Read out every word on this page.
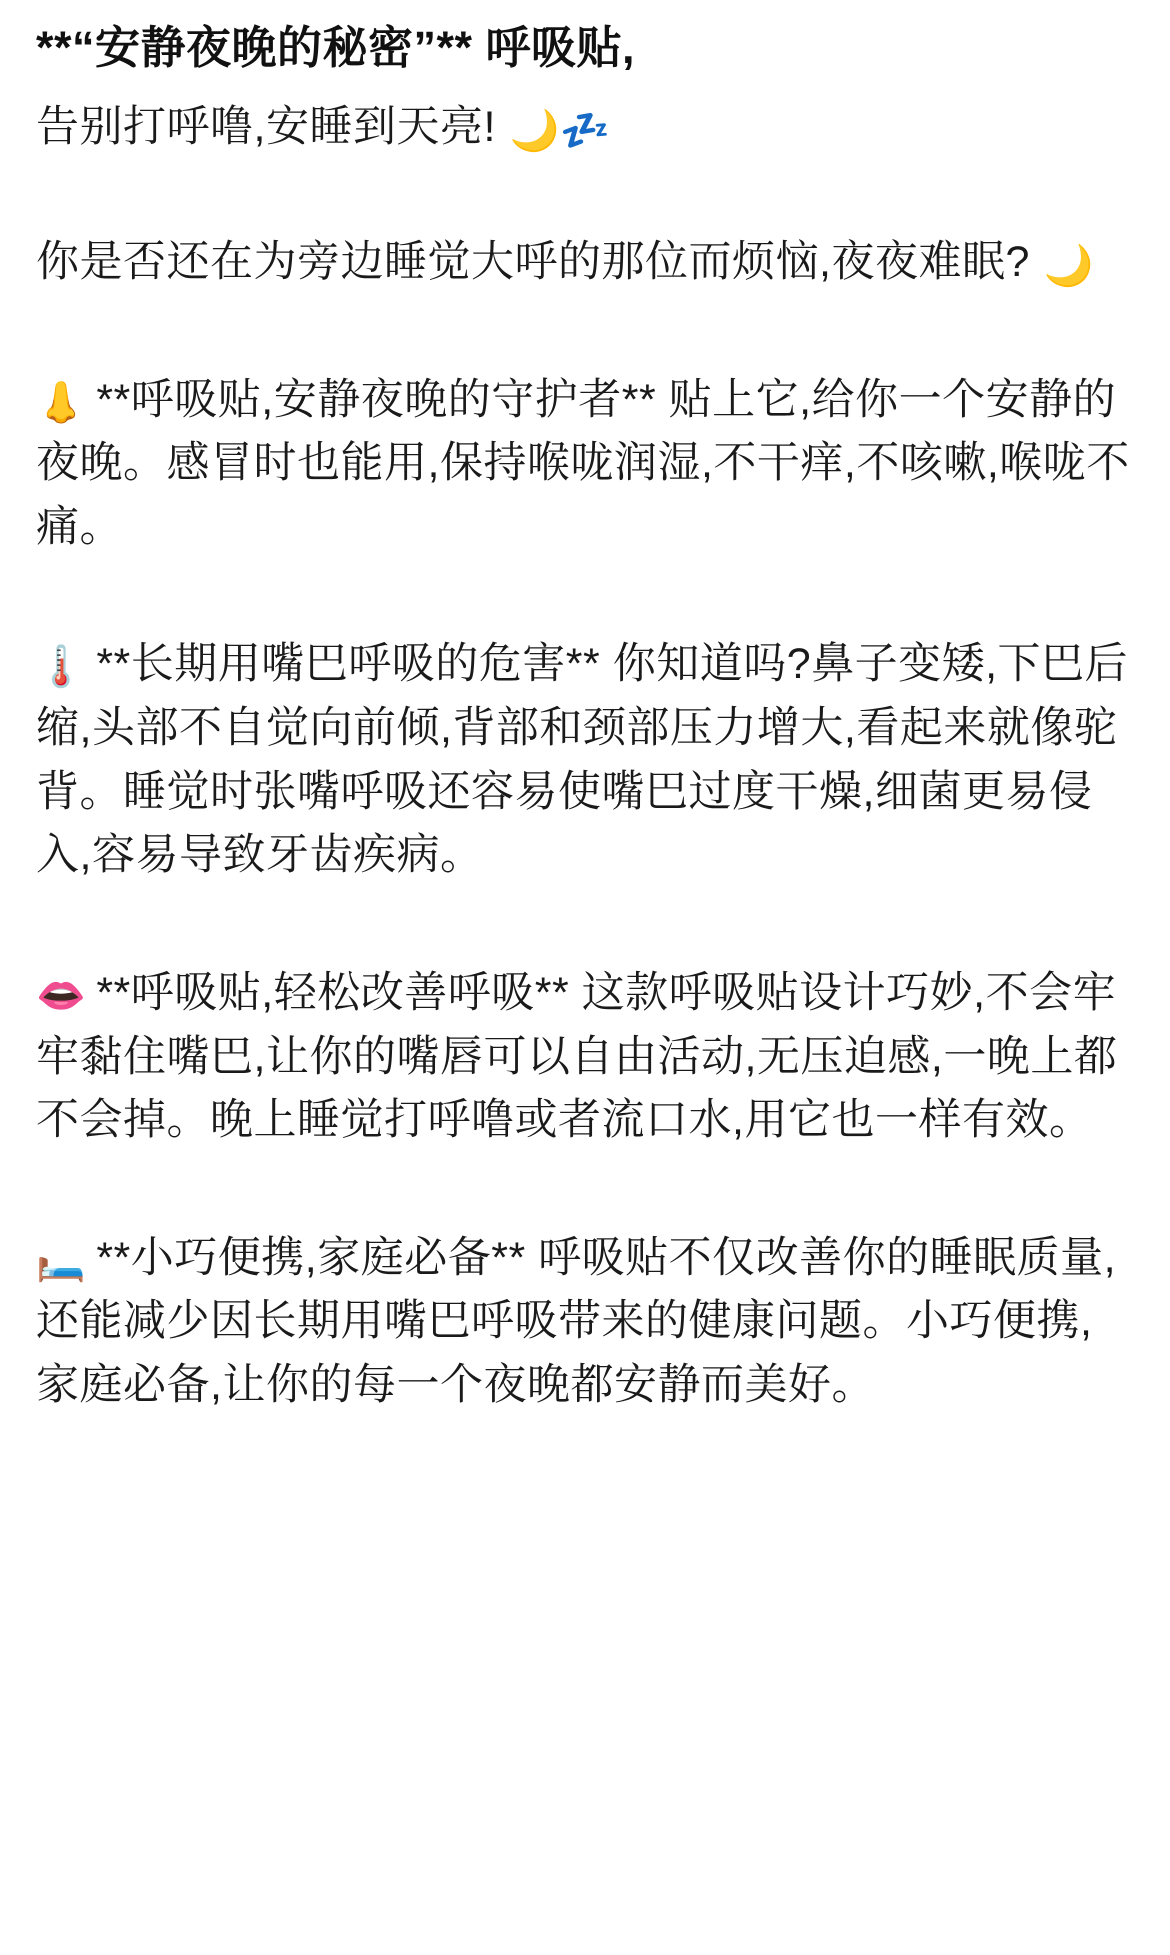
**“安静夜晚的秘密”** 呼吸贴,

告别打呼噜,安睡到天亮! 🌙💤

你是否还在为旁边睡觉大呼的那位而烦恼,夜夜难眠? 🌙

👃 **呼吸贴,安静夜晚的守护者** 贴上它,给你一个安静的夜晚。感冒时也能用,保持喉咙润湿,不干痒,不咳嗽,喉咙不痛。

🌡️ **长期用嘴巴呼吸的危害** 你知道吗?鼻子变矮,下巴后缩,头部不自觉向前倾,背部和颈部压力增大,看起来就像驼背。睡觉时张嘴呼吸还容易使嘴巴过度干燥,细菌更易侵入,容易导致牙齿疾病。

👄 **呼吸贴,轻松改善呼吸** 这款呼吸贴设计巧妙,不会牢牢黏住嘴巴,让你的嘴唇可以自由活动,无压迫感,一晚上都不会掉。晚上睡觉打呼噜或者流口水,用它也一样有效。

🛏️ **小巧便携,家庭必备** 呼吸贴不仅改善你的睡眠质量,还能减少因长期用嘴巴呼吸带来的健康问题。小巧便携,家庭必备,让你的每一个夜晚都安静而美好。
